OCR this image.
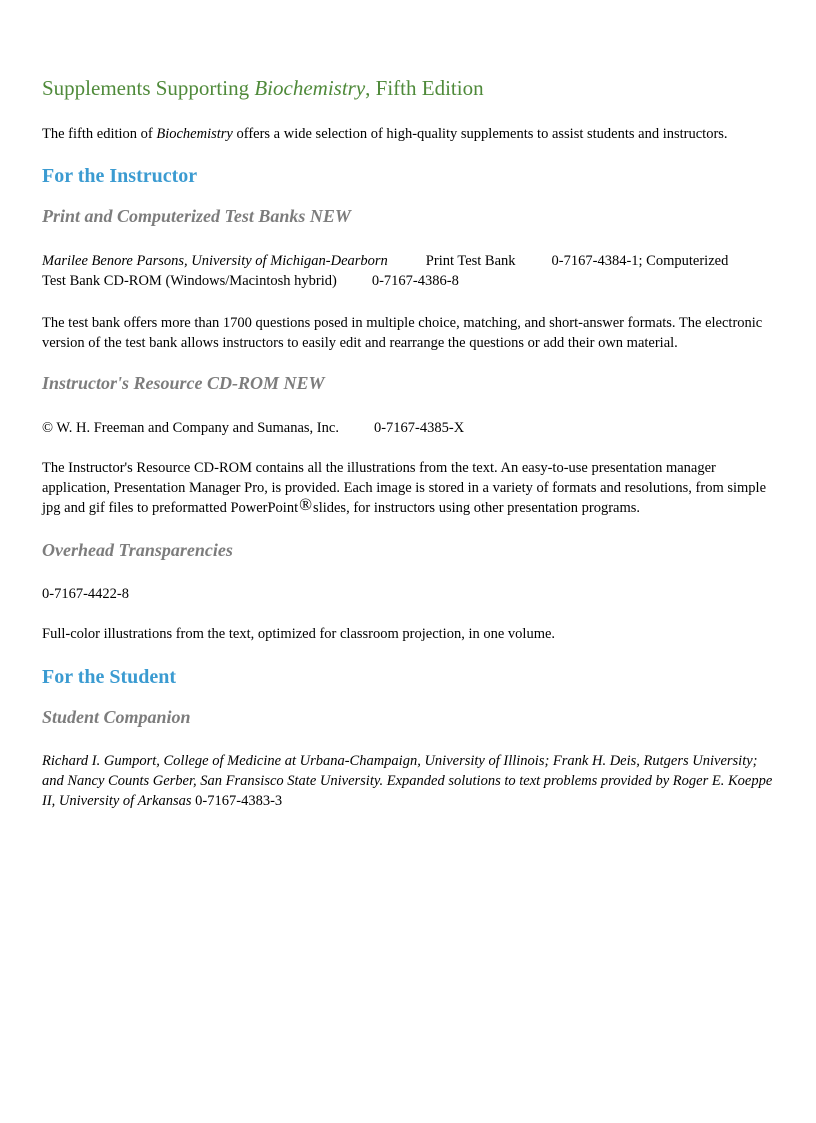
Supplements Supporting Biochemistry, Fifth Edition

The fifth edition of Biochemistry offers a wide selection of high-quality supplements to assist students and instructors.

For the Instructor
Print and Computerized Test Banks NEW

Marilee Benore Parsons, University of Michigan-Dearborn	Print Test Bank 0-7167-4384-1; Computerized
Test Bank CD-ROM (Windows/Macintosh hybrid) 0-7167-4386-8

The test bank offers more than 1700 questions posed in multiple choice, matching, and short-answer formats. The electronic version of the test bank allows instructors to easily edit and rearrange the questions or add their own material.

Instructor's Resource CD-ROM NEW

© W. H. Freeman and Company and Sumanas, Inc. 0-7167-4385-X

The Instructor's Resource CD-ROM contains all the illustrations from the text. An easy-to-use presentation manager application, Presentation Manager Pro, is provided. Each image is stored in a variety of formats and resolutions, from simple jpg and gif files to preformatted PowerPoint®slides, for instructors using other presentation programs.

Overhead Transparencies

0-7167-4422-8

Full-color illustrations from the text, optimized for classroom projection, in one volume.

For the Student
Student Companion

Richard I. Gumport, College of Medicine at Urbana-Champaign, University of Illinois; Frank H. Deis, Rutgers University; and Nancy Counts Gerber, San Fransisco State University. Expanded solutions to text problems provided by Roger E. Koeppe II, University of Arkansas 0-7167-4383-3
